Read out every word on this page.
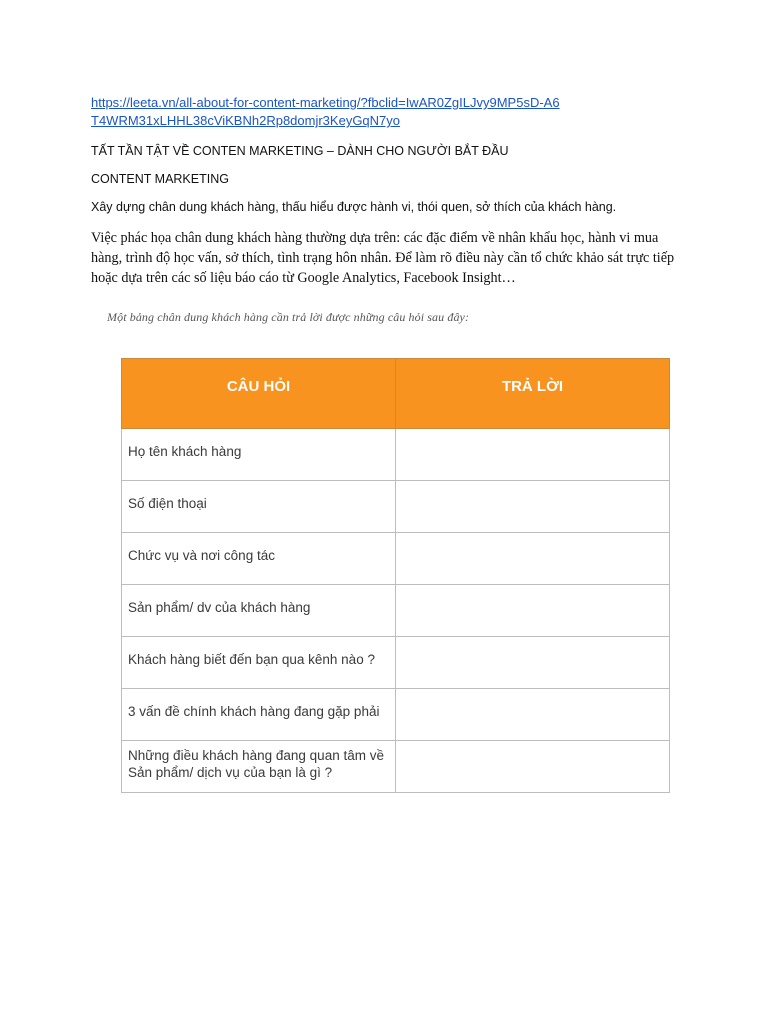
https://leeta.vn/all-about-for-content-marketing/?fbclid=IwAR0ZgILJvy9MP5sD-A6T4WRM31xLHHL38cViKBNh2Rp8domjr3KeyGqN7yo
TẤT TẦN TẬT VỀ CONTEN MARKETING – DÀNH CHO NGƯỜI BẮT ĐẦU
CONTENT MARKETING
Xây dựng chân dung khách hàng, thấu hiểu được hành vi, thói quen, sở thích của khách hàng.
Việc phác họa chân dung khách hàng thường dựa trên: các đặc điểm về nhân khẩu học, hành vi mua hàng, trình độ học vấn, sở thích, tình trạng hôn nhân. Để làm rõ điều này cần tổ chức khảo sát trực tiếp hoặc dựa trên các số liệu báo cáo từ Google Analytics, Facebook Insight…
Một bảng chân dung khách hàng cần trả lời được những câu hỏi sau đây:
CÂU HỎI	TRẢ LỜI
Họ tên khách hàng	
Số điện thoại	
Chức vụ và nơi công tác	
Sản phẩm/ dv của khách hàng	
Khách hàng biết đến bạn qua kênh nào ?	
3 vấn đề chính khách hàng đang gặp phải	
Những điều khách hàng đang quan tâm về Sản phẩm/ dịch vụ của bạn là gì ?	
